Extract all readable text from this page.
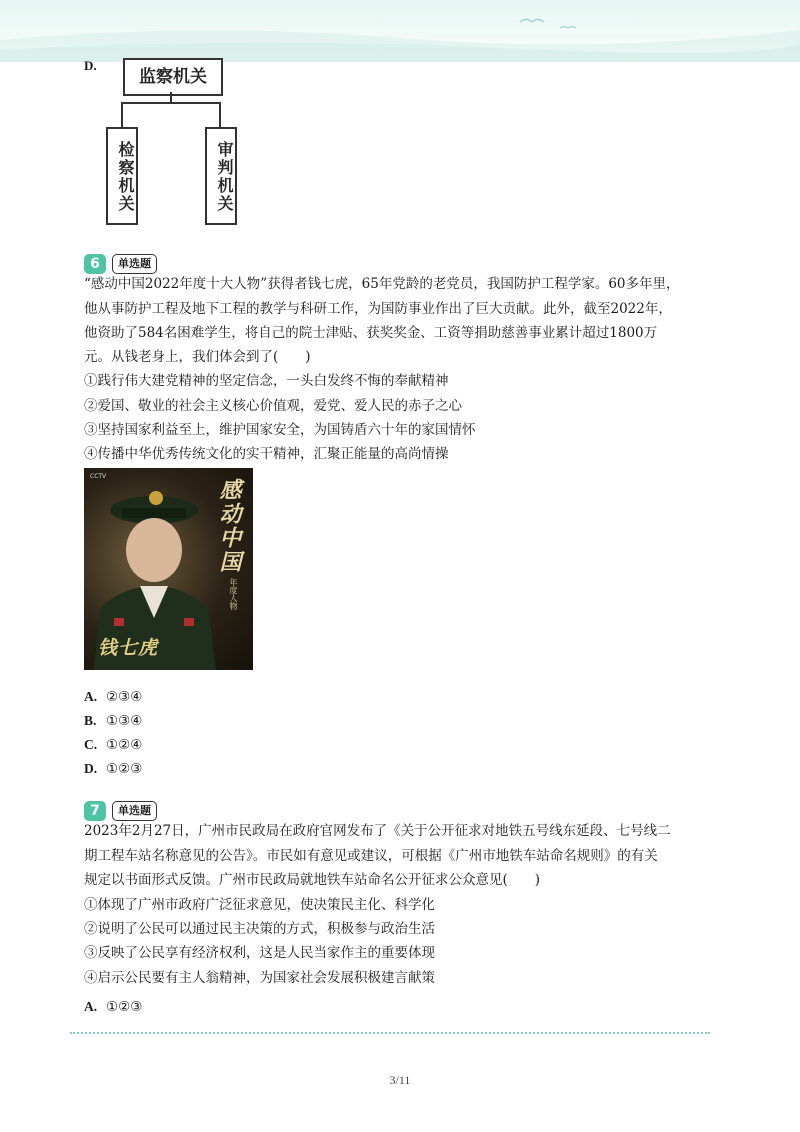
D.
监察机关
检察机关	审判机关
6	单选题
“感动中国2022年度十大人物”获得者钱七虎，65年党龄的老党员，我国防护工程学家。60多年里，
他从事防护工程及地下工程的教学与科研工作，为国防事业作出了巨大贡献。此外，截至2022年，
他资助了584名困难学生，将自己的院士津贴、获奖奖金、工资等捐助慈善事业累计超过1800万
元。从钱老身上，我们体会到了(　　)
①践行伟大建党精神的坚定信念，一头白发终不悔的奉献精神
②爱国、敬业的社会主义核心价值观，爱党、爱人民的赤子之心
③坚持国家利益至上，维护国家安全，为国铸盾六十年的家国情怀
④传播中华优秀传统文化的实干精神，汇聚正能量的高尚情操
CCTV
感动中国
年度人物
钱七虎
A. ②③④
B. ①③④
C. ①②④
D. ①②③
7	单选题
2023年2月27日，广州市民政局在政府官网发布了《关于公开征求对地铁五号线东延段、七号线二
期工程车站名称意见的公告》。市民如有意见或建议，可根据《广州市地铁车站命名规则》的有关
规定以书面形式反馈。广州市民政局就地铁车站命名公开征求公众意见(　　)
①体现了广州市政府广泛征求意见，使决策民主化、科学化
②说明了公民可以通过民主决策的方式，积极参与政治生活
③反映了公民享有经济权利，这是人民当家作主的重要体现
④启示公民要有主人翁精神，为国家社会发展积极建言献策
A. ①②③
3/11
